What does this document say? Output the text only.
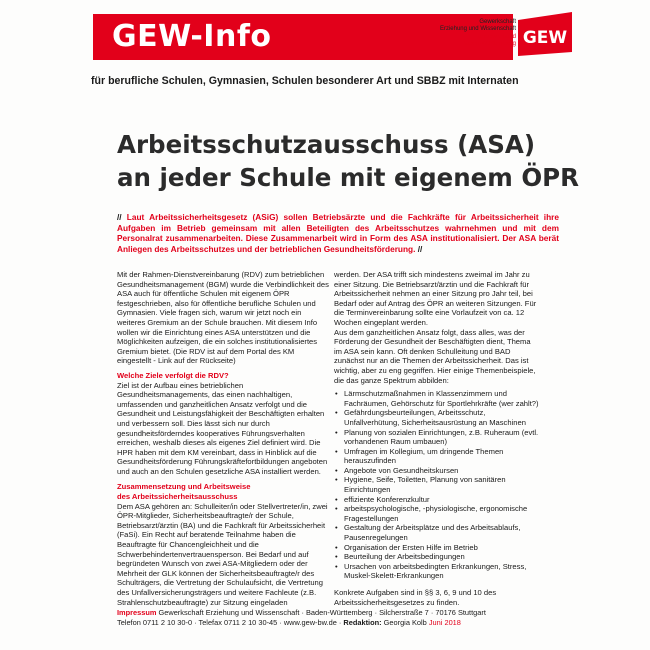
GEW-Info	Gewerkschaft
Erziehung und Wissenschaft
Landesverband
Baden-Württemberg GEW
für berufliche Schulen, Gymnasien, Schulen besonderer Art und SBBZ mit Internaten
Arbeitsschutzausschuss (ASA)
an jeder Schule mit eigenem ÖPR
// Laut Arbeitssicherheitsgesetz (ASiG) sollen Betriebsärzte und die Fachkräfte für Arbeitssicherheit ihre Aufgaben im Betrieb gemeinsam mit allen Beteiligten des Arbeitsschutzes wahrnehmen und mit dem Personalrat zusammenarbeiten. Diese Zusammenarbeit wird in Form des ASA institutionalisiert. Der ASA berät Anliegen des Arbeitsschutzes und der betrieblichen Gesundheitsförderung. //

Mit der Rahmen-Dienstvereinbarung (RDV) zum betrieblichen Gesundheitsmanagement (BGM) wurde die Verbindlichkeit des ASA auch für öffentliche Schulen mit eigenem ÖPR festgeschrieben, also für öffentliche berufliche Schulen und Gymnasien. Viele fragen sich, warum wir jetzt noch ein weiteres Gremium an der Schule brauchen. Mit diesem Info wollen wir die Einrichtung eines ASA unterstützen und die Möglichkeiten aufzeigen, die ein solches institutionalisiertes Gremium bietet. (Die RDV ist auf dem Portal des KM eingestellt - Link auf der Rückseite)

Welche Ziele verfolgt die RDV?

Ziel ist der Aufbau eines betrieblichen Gesundheitsmanagements, das einen nachhaltigen, umfassenden und ganzheitlichen Ansatz verfolgt und die Gesundheit und Leistungsfähigkeit der Beschäftigten erhalten und verbessern soll. Dies lässt sich nur durch gesundheitsförderndes kooperatives Führungsverhalten erreichen, weshalb dieses als eigenes Ziel definiert wird. Die HPR haben mit dem KM vereinbart, dass in Hinblick auf die Gesundheitsförderung Führungskräftefortbildungen angeboten und auch an den Schulen gesetzliche ASA installiert werden.

Zusammensetzung und Arbeitsweise
des Arbeitssicherheitsausschuss

Dem ASA gehören an: Schulleiter/in oder Stellvertreter/in, zwei ÖPR-Mitglieder, Sicherheitsbeauftragte/r der Schule, Betriebsarzt/ärztin (BA) und die Fachkraft für Arbeitssicherheit (FaSi). Ein Recht auf beratende Teilnahme haben die Beauftragte für Chancengleichheit und die Schwerbehindertenvertrauensperson. Bei Bedarf und auf begründeten Wunsch von zwei ASA-Mitgliedern oder der Mehrheit der GLK können der Sicherheitsbeauftragte/r des Schulträgers, die Vertretung der Schulaufsicht, die Vertretung des Unfallversicherungsträgers und weitere Fachleute (z.B. Strahlenschutzbeauftragte) zur Sitzung eingeladen

werden. Der ASA trifft sich mindestens zweimal im Jahr zu einer Sitzung. Die Betriebsarzt/ärztin und die Fachkraft für Arbeitssicherheit nehmen an einer Sitzung pro Jahr teil, bei Bedarf oder auf Antrag des ÖPR an weiteren Sitzungen. Für die Terminvereinbarung sollte eine Vorlaufzeit von ca. 12 Wochen eingeplant werden.

Aus dem ganzheitlichen Ansatz folgt, dass alles, was der Förderung der Gesundheit der Beschäftigten dient, Thema im ASA sein kann. Oft denken Schulleitung und BAD zunächst nur an die Themen der Arbeitssicherheit. Das ist wichtig, aber zu eng gegriffen. Hier einige Themenbeispiele, die das ganze Spektrum abbilden:

• Lärmschutzmaßnahmen in Klassenzimmern und Fachräumen, Gehörschutz für Sportlehrkräfte (wer zahlt?)
• Gefährdungsbeurteilungen, Arbeitsschutz, Unfallverhütung, Sicherheitsausrüstung an Maschinen
• Planung von sozialen Einrichtungen, z.B. Ruheraum (evtl. vorhandenen Raum umbauen)
• Umfragen im Kollegium, um dringende Themen herauszufinden
• Angebote von Gesundheitskursen
• Hygiene, Seife, Toiletten, Planung von sanitären Einrichtungen
• effiziente Konferenzkultur
• arbeitspsychologische, -physiologische, ergonomische Fragestellungen
• Gestaltung der Arbeitsplätze und des Arbeitsablaufs, Pausenregelungen
• Organisation der Ersten Hilfe im Betrieb
• Beurteilung der Arbeitsbedingungen
• Ursachen von arbeitsbedingten Erkrankungen, Stress, Muskel-Skelett-Erkrankungen

Konkrete Aufgaben sind in §§ 3, 6, 9 und 10 des Arbeitssicherheitsgesetzes zu finden.

Impressum Gewerkschaft Erziehung und Wissenschaft · Baden-Württemberg · Silcherstraße 7 · 70176 Stuttgart
Telefon 0711 2 10 30-0 · Telefax 0711 2 10 30-45 · www.gew-bw.de · Redaktion: Georgia Kolb Juni 2018
